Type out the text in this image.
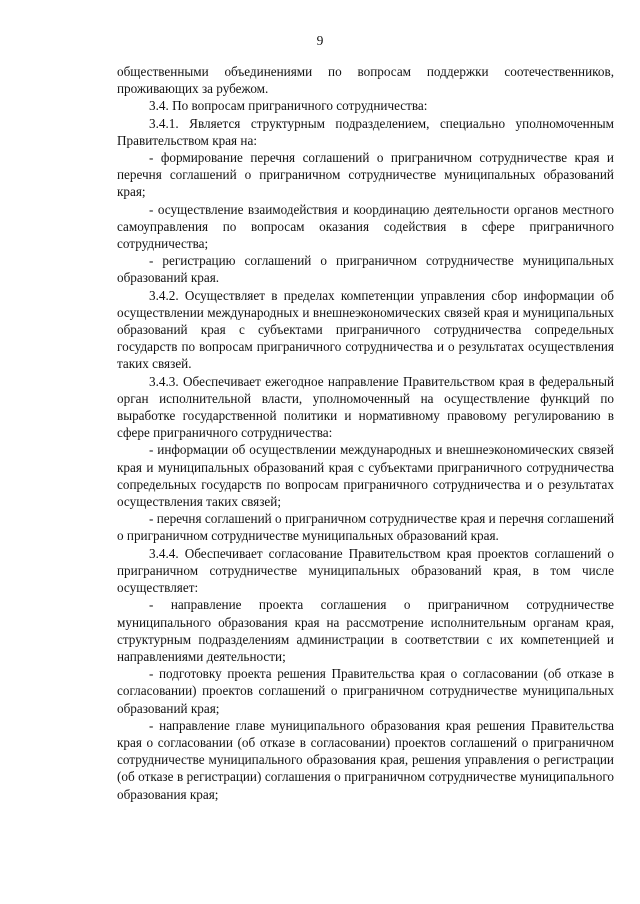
9

общественными объединениями по вопросам поддержки соотечественников, проживающих за рубежом.

3.4. По вопросам приграничного сотрудничества:

3.4.1. Является структурным подразделением, специально уполномоченным Правительством края на:

- формирование перечня соглашений о приграничном сотрудничестве края и перечня соглашений о приграничном сотрудничестве муниципальных образований края;

- осуществление взаимодействия и координацию деятельности органов местного самоуправления по вопросам оказания содействия в сфере приграничного сотрудничества;

- регистрацию соглашений о приграничном сотрудничестве муниципальных образований края.

3.4.2. Осуществляет в пределах компетенции управления сбор информации об осуществлении международных и внешнеэкономических связей края и муниципальных образований края с субъектами приграничного сотрудничества сопредельных государств по вопросам приграничного сотрудничества и о результатах осуществления таких связей.

3.4.3. Обеспечивает ежегодное направление Правительством края в федеральный орган исполнительной власти, уполномоченный на осуществление функций по выработке государственной политики и нормативному правовому регулированию в сфере приграничного сотрудничества:

- информации об осуществлении международных и внешнеэкономических связей края и муниципальных образований края с субъектами приграничного сотрудничества сопредельных государств по вопросам приграничного сотрудничества и о результатах осуществления таких связей;

- перечня соглашений о приграничном сотрудничестве края и перечня соглашений о приграничном сотрудничестве муниципальных образований края.

3.4.4. Обеспечивает согласование Правительством края проектов соглашений о приграничном сотрудничестве муниципальных образований края, в том числе осуществляет:

- направление проекта соглашения о приграничном сотрудничестве муниципального образования края на рассмотрение исполнительным органам края, структурным подразделениям администрации в соответствии с их компетенцией и направлениями деятельности;

- подготовку проекта решения Правительства края о согласовании (об отказе в согласовании) проектов соглашений о приграничном сотрудничестве муниципальных образований края;

- направление главе муниципального образования края решения Правительства края о согласовании (об отказе в согласовании) проектов соглашений о приграничном сотрудничестве муниципального образования края, решения управления о регистрации (об отказе в регистрации) соглашения о приграничном сотрудничестве муниципального образования края;
